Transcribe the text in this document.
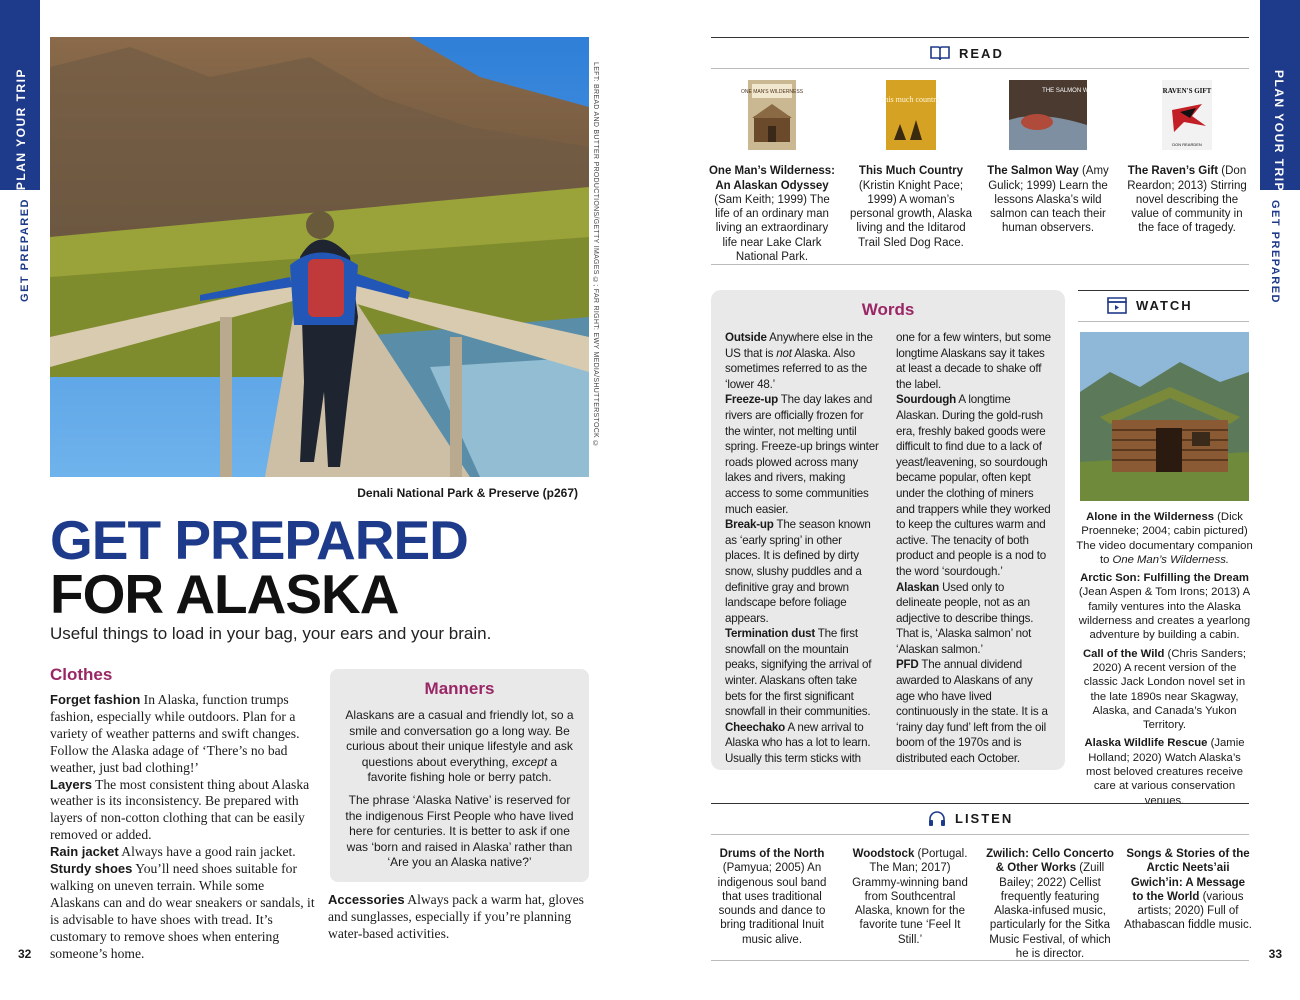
PLAN YOUR TRIP
GET PREPARED
PLAN YOUR TRIP
GET PREPARED
LEFT: BREAD AND BUTTER PRODUCTIONS/GETTY IMAGES ©; FAR RIGHT: EWY MEDIA/SHUTTERSTOCK ©
Denali National Park & Preserve (p267)
GET PREPARED
FOR ALASKA
Useful things to load in your bag, your ears and your brain.
Clothes
Forget fashion In Alaska, function trumps fashion, especially while outdoors. Plan for a variety of weather patterns and swift changes. Follow the Alaska adage of ‘There’s no bad weather, just bad clothing!’
Layers The most consistent thing about Alaska weather is its inconsistency. Be prepared with layers of non-cotton clothing that can be easily removed or added.
Rain jacket Always have a good rain jacket.
Sturdy shoes You’ll need shoes suitable for walking on uneven terrain. While some Alaskans can and do wear sneakers or sandals, it is advisable to have shoes with tread. It’s customary to remove shoes when entering someone’s home.
Manners

Alaskans are a casual and friendly lot, so a smile and conversation go a long way. Be curious about their unique lifestyle and ask questions about everything, except a favorite fishing hole or berry patch.

The phrase ‘Alaska Native’ is reserved for the indigenous First People who have lived here for centuries. It is better to ask if one was ‘born and raised in Alaska’ rather than ‘Are you an Alaska native?’

Accessories Always pack a warm hat, gloves and sunglasses, especially if you’re planning water-based activities.
32	33
READ
ONE MAN'S WILDERNESS
One Man’s Wilderness: An Alaskan Odyssey (Sam Keith; 1999) The life of an ordinary man living an extraordinary life near Lake Clark National Park.
this much country
This Much Country (Kristin Knight Pace; 1999) A woman’s personal growth, Alaska living and the Iditarod Trail Sled Dog Race.
THE SALMON WAY
The Salmon Way (Amy Gulick; 1999) Learn the lessons Alaska’s wild salmon can teach their human observers.
RAVEN'S GIFT
DON REARDEN
The Raven’s Gift (Don Reardon; 2013) Stirring novel describing the value of community in the face of tragedy.
Words
Outside Anywhere else in the US that is not Alaska. Also sometimes referred to as the ‘lower 48.’
Freeze-up The day lakes and rivers are officially frozen for the winter, not melting until spring. Freeze-up brings winter roads plowed across many lakes and rivers, making access to some communities much easier.
Break-up The season known as ‘early spring’ in other places. It is defined by dirty snow, slushy puddles and a definitive gray and brown landscape before foliage appears.
Termination dust The first snowfall on the mountain peaks, signifying the arrival of winter. Alaskans often take bets for the first significant snowfall in their communities.
Cheechako A new arrival to Alaska who has a lot to learn. Usually this term sticks with
one for a few winters, but some longtime Alaskans say it takes at least a decade to shake off the label.
Sourdough A longtime Alaskan. During the gold-rush era, freshly baked goods were difficult to find due to a lack of yeast/leavening, so sourdough became popular, often kept under the clothing of miners and trappers while they worked to keep the cultures warm and active. The tenacity of both product and people is a nod to the word ‘sourdough.’
Alaskan Used only to delineate people, not as an adjective to describe things. That is, ‘Alaska salmon’ not ‘Alaskan salmon.’
PFD The annual dividend awarded to Alaskans of any age who have lived continuously in the state. It is a ‘rainy day fund’ left from the oil boom of the 1970s and is distributed each October.
WATCH

Alone in the Wilderness (Dick Proenneke; 2004; cabin pictured) The video documentary companion to One Man’s Wilderness.

Arctic Son: Fulfilling the Dream (Jean Aspen & Tom Irons; 2013) A family ventures into the Alaska wilderness and creates a yearlong adventure by building a cabin.

Call of the Wild (Chris Sanders; 2020) A recent version of the classic Jack London novel set in the late 1890s near Skagway, Alaska, and Canada’s Yukon Territory.

Alaska Wildlife Rescue (Jamie Holland; 2020) Watch Alaska’s most beloved creatures receive care at various conservation venues.

LISTEN
Drums of the North (Pamyua; 2005) An indigenous soul band that uses traditional sounds and dance to bring traditional Inuit music alive.
Woodstock (Portugal. The Man; 2017) Grammy-winning band from Southcentral Alaska, known for the favorite tune ‘Feel It Still.’
Zwilich: Cello Concerto & Other Works (Zuill Bailey; 2022) Cellist frequently featuring Alaska-infused music, particularly for the Sitka Music Festival, of which he is director.
Songs & Stories of the Arctic Neets’aii Gwich’in: A Message to the World (various artists; 2020) Full of Athabascan fiddle music.
